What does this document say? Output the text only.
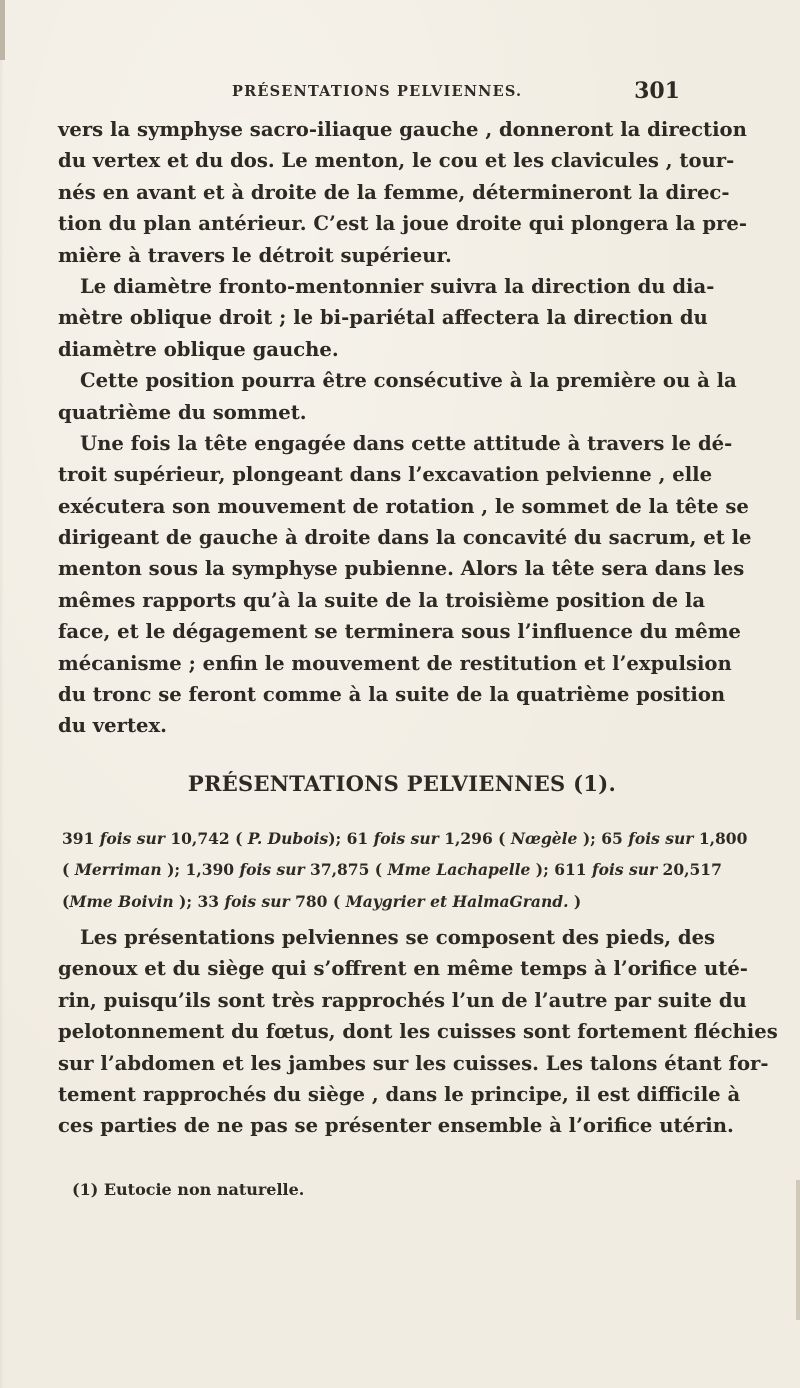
PRÉSENTATIONS PELVIENNES.	301
vers la symphyse sacro-iliaque gauche , donneront la direction
du vertex et du dos. Le menton, le cou et les clavicules , tour-
nés en avant et à droite de la femme, détermineront la direc-
tion du plan antérieur. C’est la joue droite qui plongera la pre-
mière à travers le détroit supérieur.
Le diamètre fronto-mentonnier suivra la direction du dia-
mètre oblique droit ; le bi-pariétal affectera la direction du
diamètre oblique gauche.
Cette position pourra être consécutive à la première ou à la
quatrième du sommet.
Une fois la tête engagée dans cette attitude à travers le dé-
troit supérieur, plongeant dans l’excavation pelvienne , elle
exécutera son mouvement de rotation , le sommet de la tête se
dirigeant de gauche à droite dans la concavité du sacrum, et le
menton sous la symphyse pubienne. Alors la tête sera dans les
mêmes rapports qu’à la suite de la troisième position de la
face, et le dégagement se terminera sous l’influence du même
mécanisme ; enfin le mouvement de restitution et l’expulsion
du tronc se feront comme à la suite de la quatrième position
du vertex.
PRÉSENTATIONS PELVIENNES (1).
391 fois sur 10,742 ( P. Dubois); 61 fois sur 1,296 ( Nœgèle ); 65 fois sur 1,800
( Merriman ); 1,390 fois sur 37,875 ( Mme Lachapelle ); 611 fois sur 20,517
(Mme Boivin ); 33 fois sur 780 ( Maygrier et HalmaGrand. )
Les présentations pelviennes se composent des pieds, des
genoux et du siège qui s’offrent en même temps à l’orifice uté-
rin, puisqu’ils sont très rapprochés l’un de l’autre par suite du
pelotonnement du fœtus, dont les cuisses sont fortement fléchies
sur l’abdomen et les jambes sur les cuisses. Les talons étant for-
tement rapprochés du siège , dans le principe, il est difficile à
ces parties de ne pas se présenter ensemble à l’orifice utérin.
(1) Eutocie non naturelle.
